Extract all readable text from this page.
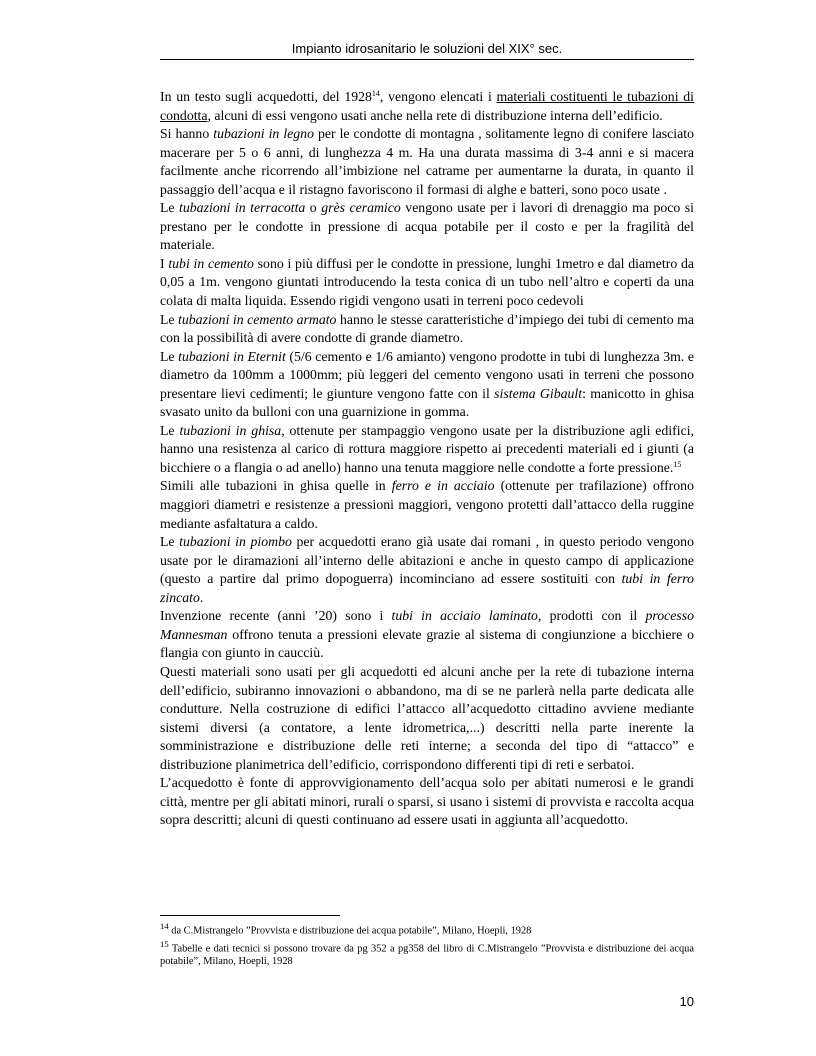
Impianto idrosanitario le soluzioni del XIX° sec.

In un testo sugli acquedotti, del 1928$^{14}$, vengono elencati i materiali costituenti le tubazioni di condotta, alcuni di essi vengono usati anche nella rete di distribuzione interna dell’edificio.

Si hanno tubazioni in legno per le condotte di montagna , solitamente legno di conifere lasciato macerare per 5 o 6 anni, di lunghezza 4 m. Ha una durata massima di 3-4 anni e si macera facilmente anche ricorrendo all’imbizione nel catrame per aumentarne la durata, in quanto il passaggio dell’acqua e il ristagno favoriscono il formasi di alghe e batteri, sono poco usate .

Le tubazioni in terracotta o grès ceramico vengono usate per i lavori di drenaggio ma poco si prestano per le condotte in pressione di acqua potabile per il costo e per la fragilità del materiale.

I tubi in cemento sono i più diffusi per le condotte in pressione, lunghi 1metro e dal diametro da 0,05 a 1m. vengono giuntati introducendo la testa conica di un tubo nell’altro e coperti da una colata di malta liquida. Essendo rigidi vengono usati in terreni poco cedevoli

Le tubazioni in cemento armato hanno le stesse caratteristiche d’impiego dei tubi di cemento ma con la possibilità di avere condotte di grande diametro.

Le tubazioni in Eternit (5/6 cemento e 1/6 amianto) vengono prodotte in tubi di lunghezza 3m. e diametro da 100mm a 1000mm; più leggeri del cemento vengono usati in terreni che possono presentare lievi cedimenti; le giunture vengono fatte con il sistema Gibault: manicotto in ghisa svasato unito da bulloni con una guarnizione in gomma.

Le tubazioni in ghisa, ottenute per stampaggio vengono usate per la distribuzione agli edifici, hanno una resistenza al carico di rottura maggiore rispetto ai precedenti materiali ed i giunti (a bicchiere o a flangia o ad anello) hanno una tenuta maggiore nelle condotte a forte pressione.$^{15}$

Simili alle tubazioni in ghisa quelle in ferro e in acciaio (ottenute per trafilazione) offrono maggiori diametri e resistenze a pressioni maggiori, vengono protetti dall’attacco della ruggine mediante asfaltatura a caldo.

Le tubazioni in piombo per acquedotti erano già usate dai romani , in questo periodo vengono usate por le diramazioni all’interno delle abitazioni e anche in questo campo di applicazione (questo a partire dal primo dopoguerra) incominciano ad essere sostituiti con tubi in ferro zincato.

Invenzione recente (anni ’20) sono i tubi in acciaio laminato, prodotti con il processo Mannesman offrono tenuta a pressioni elevate grazie al sistema di congiunzione a bicchiere o flangia con giunto in caucciù.

Questi materiali sono usati per gli acquedotti ed alcuni anche per la rete di tubazione interna dell’edificio, subiranno innovazioni o abbandono, ma di se ne parlerà nella parte dedicata alle condutture. Nella costruzione di edifici l’attacco all’acquedotto cittadino avviene mediante sistemi diversi (a contatore, a lente idrometrica,...) descritti nella parte inerente la somministrazione e distribuzione delle reti interne; a seconda del tipo di “attacco” e distribuzione planimetrica dell’edificio, corrispondono differenti tipi di reti e serbatoi.

L’acquedotto è fonte di approvvigionamento dell’acqua solo per abitati numerosi e le grandi città, mentre per gli abitati minori, rurali o sparsi, si usano i sistemi di provvista e raccolta acqua sopra descritti; alcuni di questi continuano ad essere usati in aggiunta all’acquedotto.

$^{14}$ da C.Mistrangelo ”Provvista e distribuzione dei acqua potabile”, Milano, Hoepli, 1928

$^{15}$ Tabelle e dati tecnici si possono trovare da pg 352 a pg358 del libro di C.Mistrangelo ”Provvista e distribuzione dei acqua potabile”, Milano, Hoepli, 1928

10
